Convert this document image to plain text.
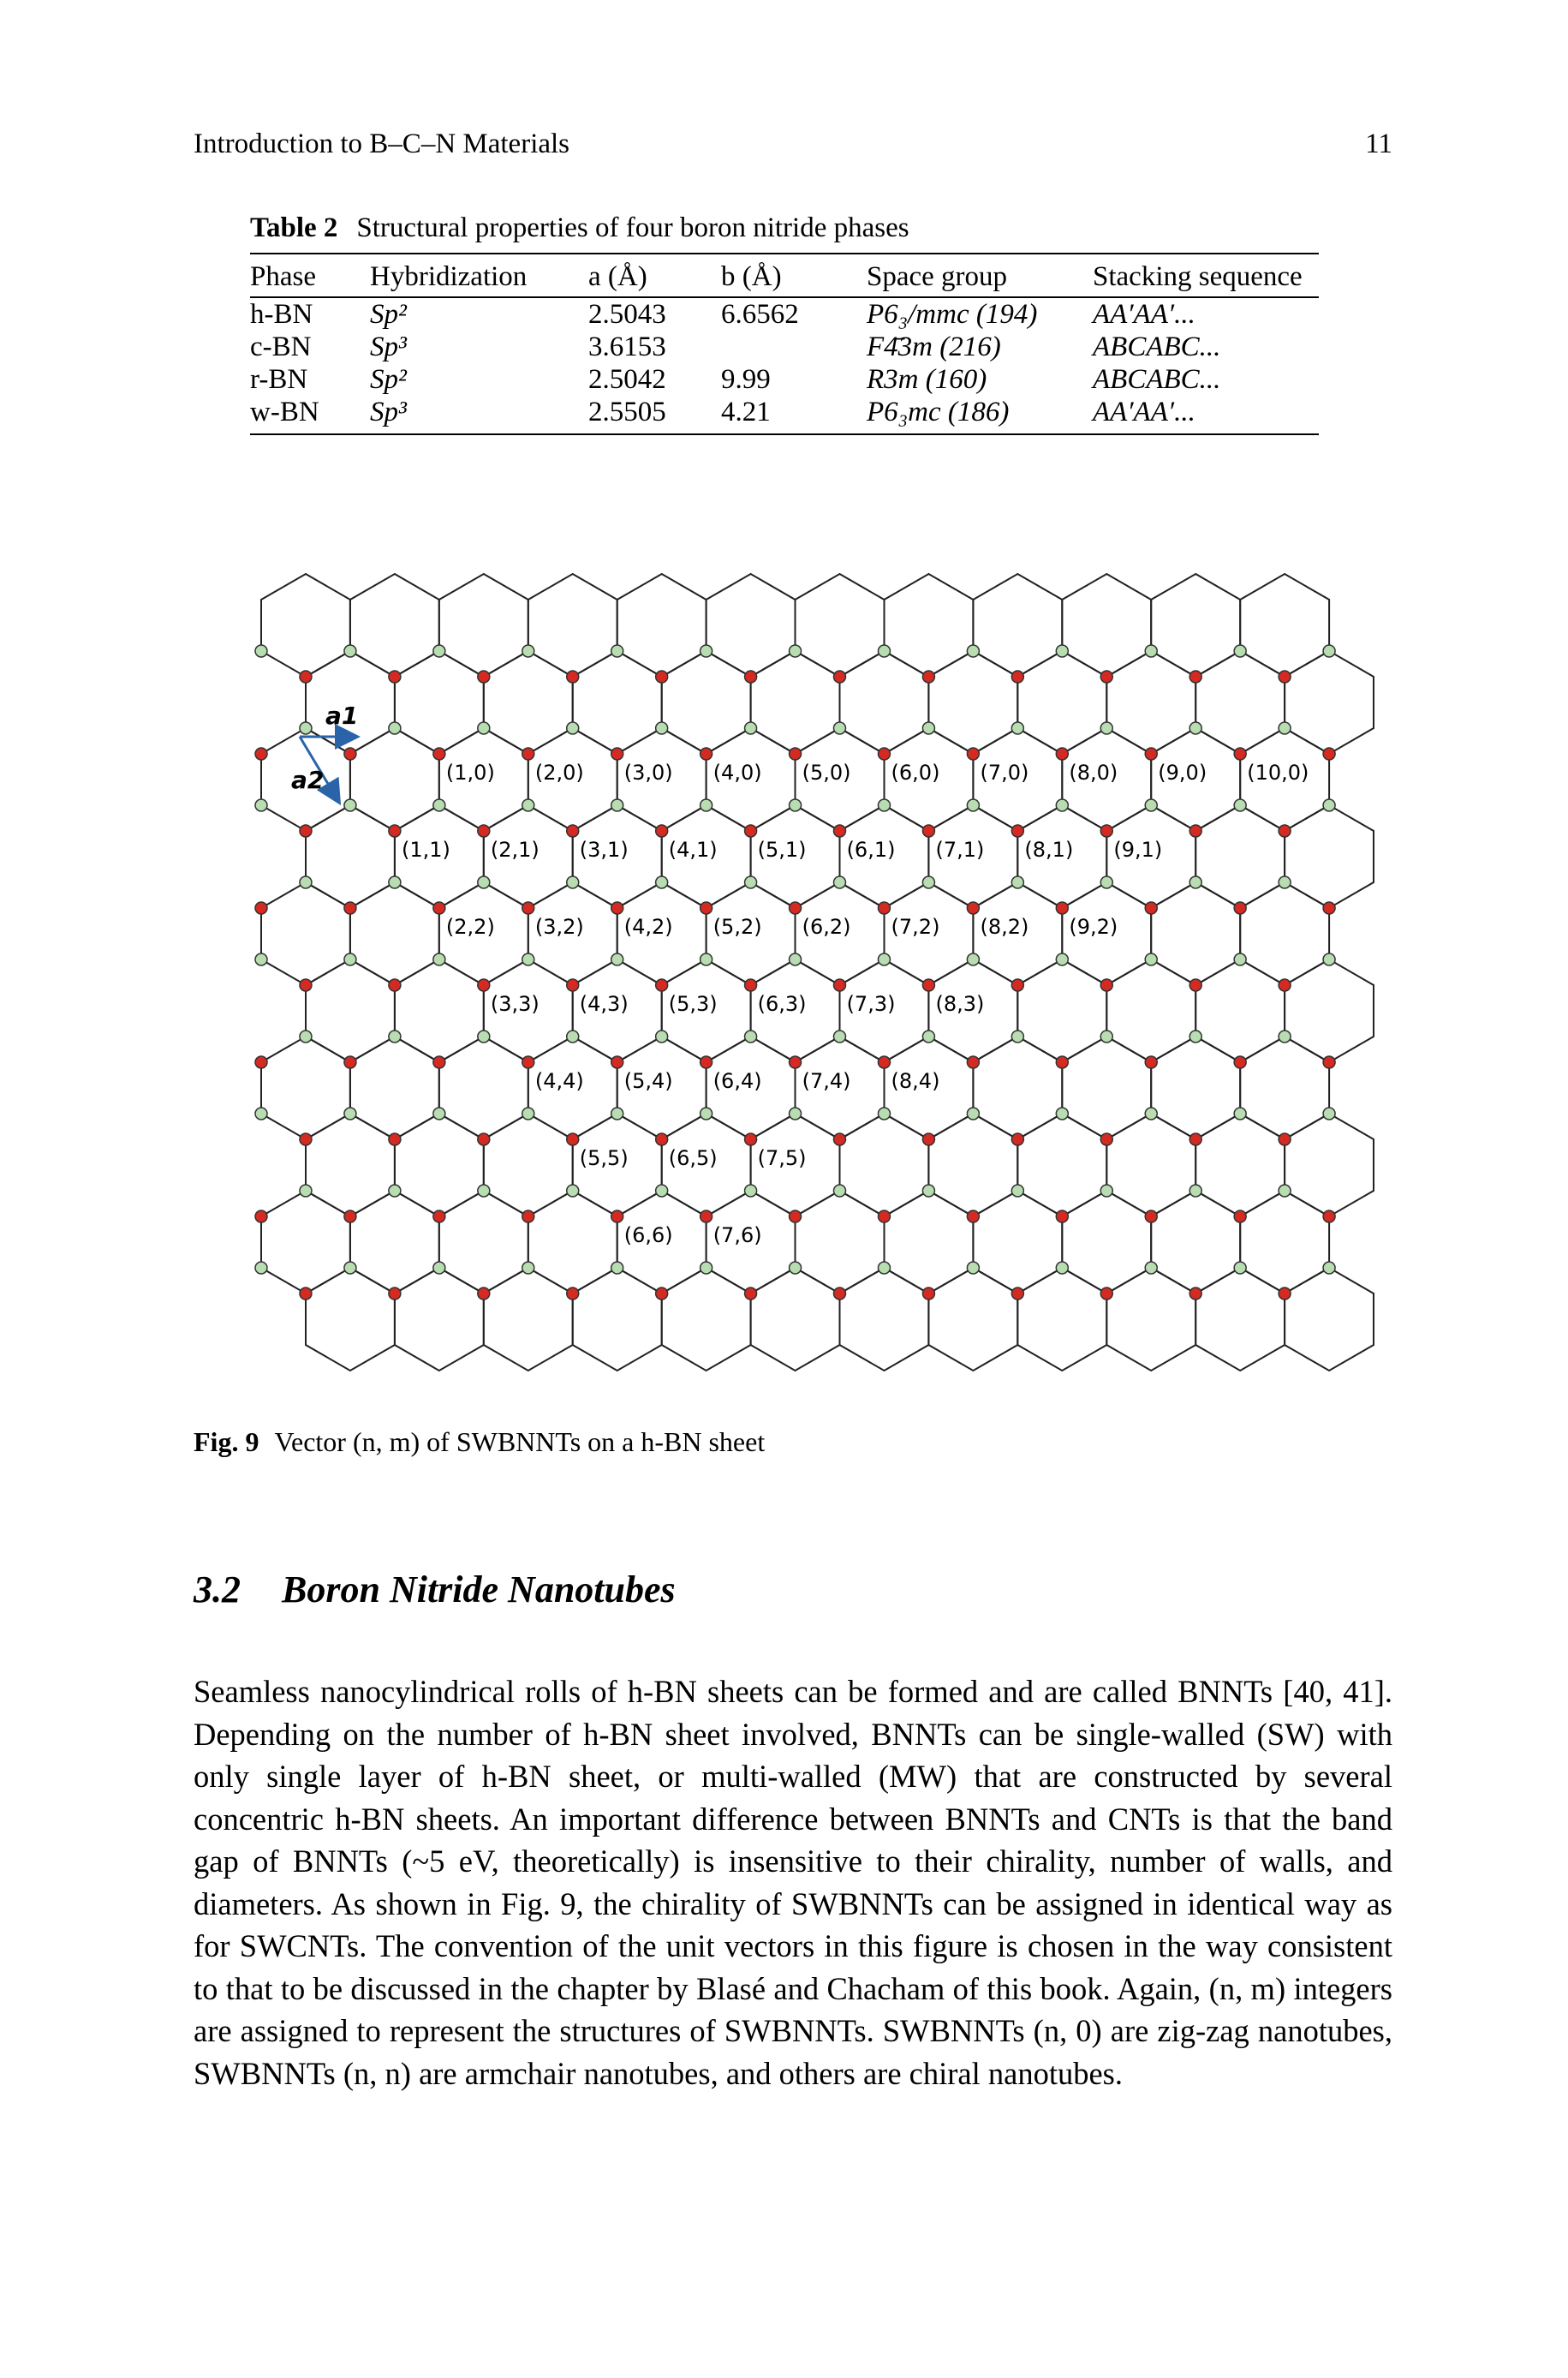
Introduction to B–C–N Materials	11
Table 2 Structural properties of four boron nitride phases
Phase	Hybridization	a (Å)	b (Å)	Space group	Stacking sequence
h-BN	Sp²	2.5043	6.6562	P6₃/mmc (194)	AA′AA′...
c-BN	Sp³	3.6153		F4̄3m (216)	ABCABC...
r-BN	Sp²	2.5042	9.99	R3m (160)	ABCABC...
w-BN	Sp³	2.5505	4.21	P6₃mc (186)	AA′AA′...
(1,0) (2,0) (3,0) (4,0) (5,0) (6,0) (7,0) (8,0) (9,0) (10,0)
(1,1) (2,1) (3,1) (4,1) (5,1) (6,1) (7,1) (8,1) (9,1)
(2,2) (3,2) (4,2) (5,2) (6,2) (7,2) (8,2) (9,2)
(3,3) (4,3) (5,3) (6,3) (7,3) (8,3)
(4,4) (5,4) (6,4) (7,4) (8,4)
(5,5) (6,5) (7,5)
(6,6) (7,6)
a1
a2
Fig. 9 Vector (n, m) of SWBNNTs on a h-BN sheet
3.2 Boron Nitride Nanotubes
Seamless nanocylindrical rolls of h-BN sheets can be formed and are called BNNTs [40, 41]. Depending on the number of h-BN sheet involved, BNNTs can be single-walled (SW) with only single layer of h-BN sheet, or multi-walled (MW) that are constructed by several concentric h-BN sheets. An important difference between BNNTs and CNTs is that the band gap of BNNTs (~5 eV, theoretically) is insensitive to their chirality, number of walls, and diameters. As shown in Fig. 9, the chirality of SWBNNTs can be assigned in identical way as for SWCNTs. The convention of the unit vectors in this figure is chosen in the way consistent to that to be discussed in the chapter by Blasé and Chacham of this book. Again, (n, m) integers are assigned to represent the structures of SWBNNTs. SWBNNTs (n, 0) are zig-zag nanotubes, SWBNNTs (n, n) are armchair nanotubes, and others are chiral nanotubes.
